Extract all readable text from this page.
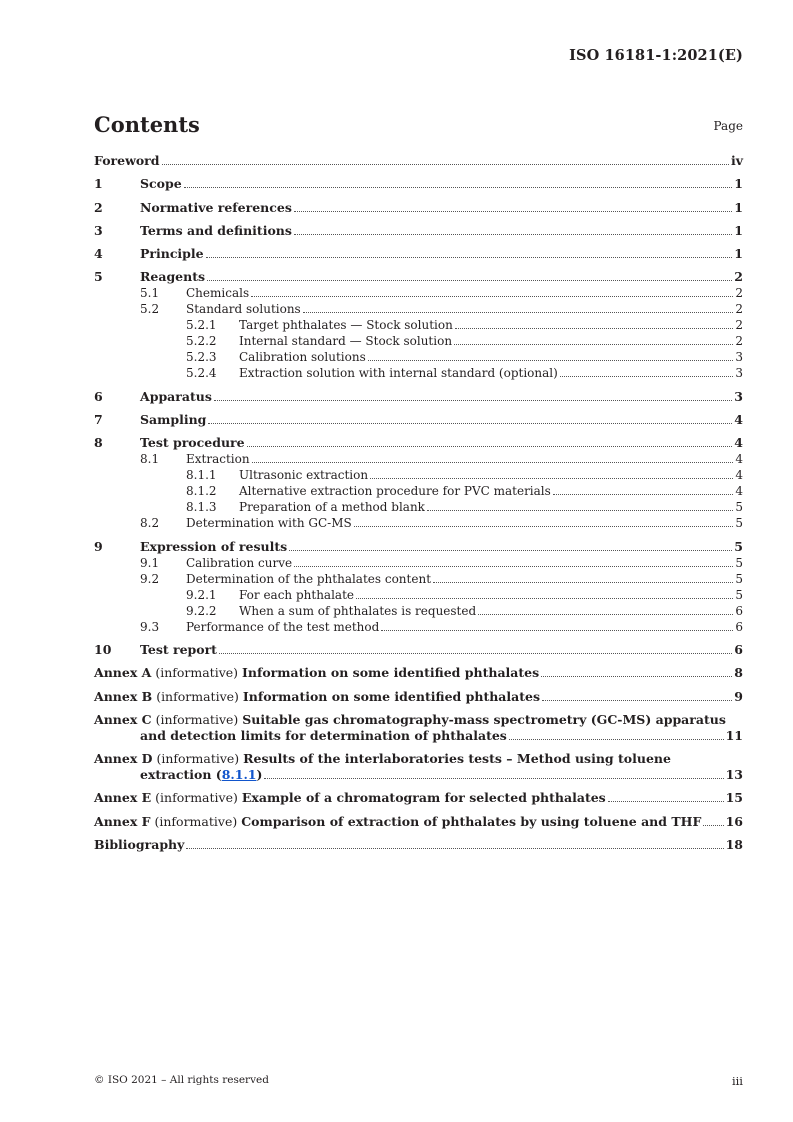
ISO 16181-1:2021(E)
Contents	Page
Foreword	iv
1	Scope	1
2	Normative references	1
3	Terms and definitions	1
4	Principle	1
5	Reagents	2
5.1	Chemicals	2
5.2	Standard solutions	2
5.2.1	Target phthalates — Stock solution	2
5.2.2	Internal standard — Stock solution	2
5.2.3	Calibration solutions	3
5.2.4	Extraction solution with internal standard (optional)	3
6	Apparatus	3
7	Sampling	4
8	Test procedure	4
8.1	Extraction	4
8.1.1	Ultrasonic extraction	4
8.1.2	Alternative extraction procedure for PVC materials	4
8.1.3	Preparation of a method blank	5
8.2	Determination with GC-MS	5
9	Expression of results	5
9.1	Calibration curve	5
9.2	Determination of the phthalates content	5
9.2.1	For each phthalate	5
9.2.2	When a sum of phthalates is requested	6
9.3	Performance of the test method	6
10	Test report	6
Annex A (informative) Information on some identified phthalates	8
Annex B (informative) Information on some identified phthalates	9
Annex C (informative) Suitable gas chromatography-mass spectrometry (GC-MS) apparatus
and detection limits for determination of phthalates	11
Annex D (informative) Results of the interlaboratories tests – Method using toluene
extraction (8.1.1)	13
Annex E (informative) Example of a chromatogram for selected phthalates	15
Annex F (informative) Comparison of extraction of phthalates by using toluene and THF 16
Bibliography	18
© ISO 2021 – All rights reserved	iii
